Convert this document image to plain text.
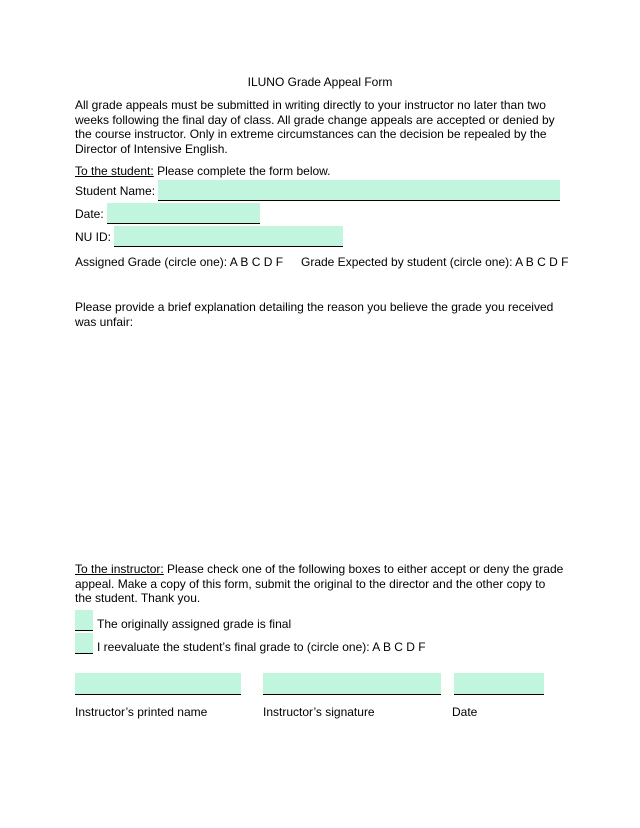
ILUNO Grade Appeal Form
All grade appeals must be submitted in writing directly to your instructor no later than two weeks following the final day of class. All grade change appeals are accepted or denied by the course instructor. Only in extreme circumstances can the decision be repealed by the Director of Intensive English.
To the student: Please complete the form below.
Student Name:
Date:
NU ID:
Assigned Grade (circle one): A B C D F Grade Expected by student (circle one): A B C D F
Please provide a brief explanation detailing the reason you believe the grade you received was unfair:
To the instructor: Please check one of the following boxes to either accept or deny the grade appeal. Make a copy of this form, submit the original to the director and the other copy to the student. Thank you.
The originally assigned grade is final
I reevaluate the student’s final grade to (circle one): A B C D F
Instructor’s printed name	Instructor’s signature	Date
